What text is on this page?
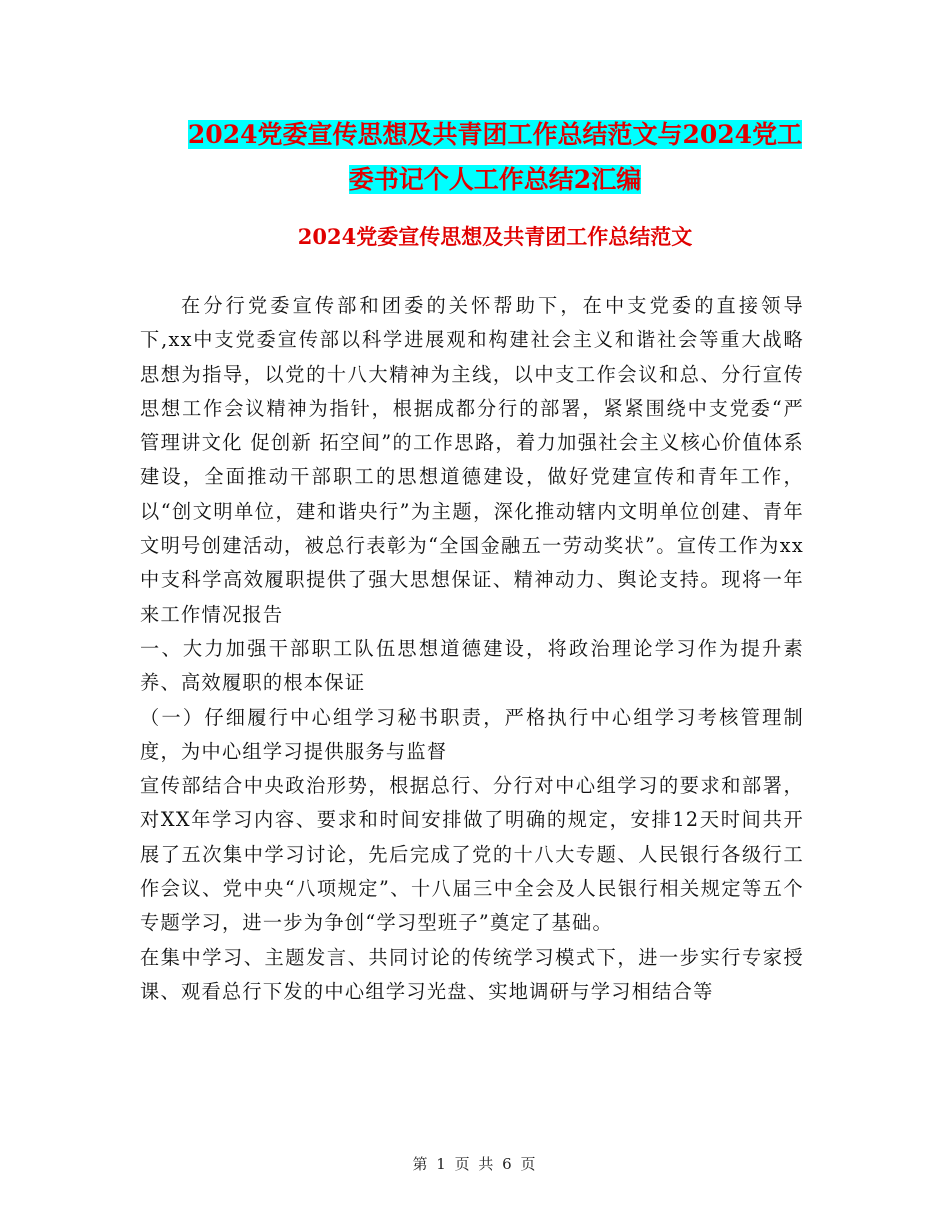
2024党委宣传思想及共青团工作总结范文与2024党工
委书记个人工作总结2汇编
2024党委宣传思想及共青团工作总结范文

在分行党委宣传部和团委的关怀帮助下，在中支党委的直接领导下,xx中支党委宣传部以科学进展观和构建社会主义和谐社会等重大战略思想为指导，以党的十八大精神为主线，以中支工作会议和总、分行宣传思想工作会议精神为指针，根据成都分行的部署，紧紧围绕中支党委“严管理讲文化 促创新 拓空间”的工作思路，着力加强社会主义核心价值体系建设，全面推动干部职工的思想道德建设，做好党建宣传和青年工作，以“创文明单位，建和谐央行”为主题，深化推动辖内文明单位创建、青年文明号创建活动，被总行表彰为“全国金融五一劳动奖状”。宣传工作为xx中支科学高效履职提供了强大思想保证、精神动力、舆论支持。现将一年来工作情况报告

一、大力加强干部职工队伍思想道德建设，将政治理论学习作为提升素养、高效履职的根本保证

（一）仔细履行中心组学习秘书职责，严格执行中心组学习考核管理制度，为中心组学习提供服务与监督

宣传部结合中央政治形势，根据总行、分行对中心组学习的要求和部署，对XX年学习内容、要求和时间安排做了明确的规定，安排12天时间共开展了五次集中学习讨论，先后完成了党的十八大专题、人民银行各级行工作会议、党中央“八项规定”、十八届三中全会及人民银行相关规定等五个专题学习，进一步为争创“学习型班子”奠定了基础。

在集中学习、主题发言、共同讨论的传统学习模式下，进一步实行专家授课、观看总行下发的中心组学习光盘、实地调研与学习相结合等

第 1 页 共 6 页
